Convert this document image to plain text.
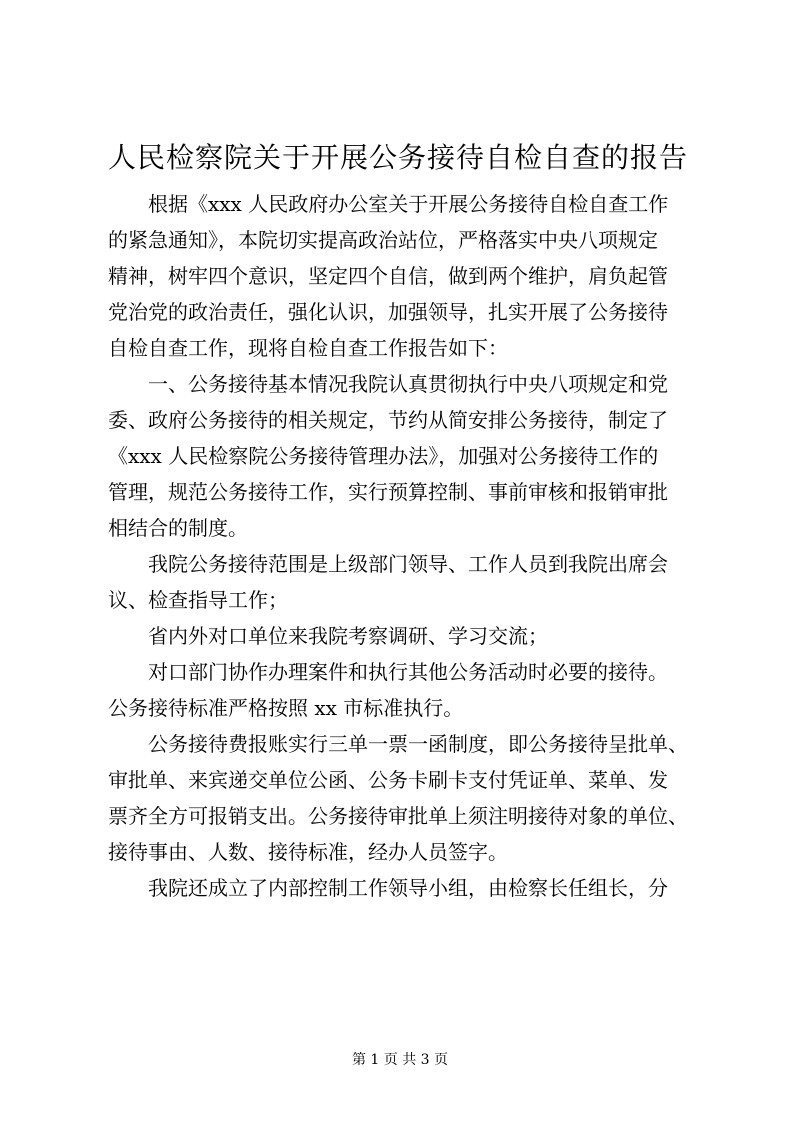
人民检察院关于开展公务接待自检自查的报告
根据《xxx 人民政府办公室关于开展公务接待自检自查工作
的紧急通知》，本院切实提高政治站位，严格落实中央八项规定
精神，树牢四个意识，坚定四个自信，做到两个维护，肩负起管
党治党的政治责任，强化认识，加强领导，扎实开展了公务接待
自检自查工作，现将自检自查工作报告如下：
一、公务接待基本情况我院认真贯彻执行中央八项规定和党
委、政府公务接待的相关规定，节约从简安排公务接待，制定了
《xxx 人民检察院公务接待管理办法》，加强对公务接待工作的
管理，规范公务接待工作，实行预算控制、事前审核和报销审批
相结合的制度。
我院公务接待范围是上级部门领导、工作人员到我院出席会
议、检查指导工作；
省内外对口单位来我院考察调研、学习交流；
对口部门协作办理案件和执行其他公务活动时必要的接待。
公务接待标准严格按照 xx 市标准执行。
公务接待费报账实行三单一票一函制度，即公务接待呈批单、
审批单、来宾递交单位公函、公务卡刷卡支付凭证单、菜单、发
票齐全方可报销支出。公务接待审批单上须注明接待对象的单位、
接待事由、人数、接待标准，经办人员签字。
我院还成立了内部控制工作领导小组，由检察长任组长，分
第 1 页 共 3 页
